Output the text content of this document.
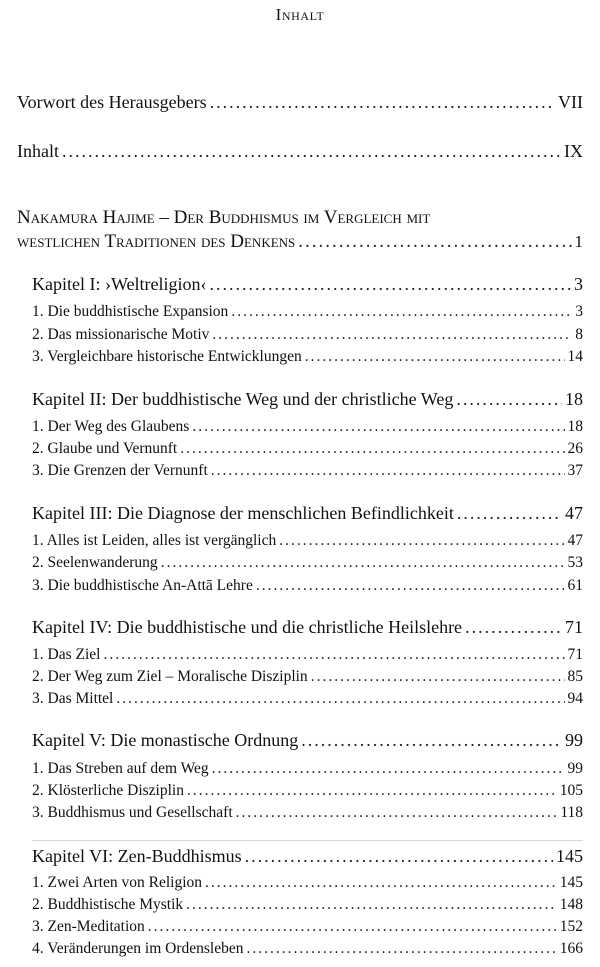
Inhalt
Vorwort des Herausgebers .....	VII
Inhalt .....	IX
Nakamura Hajime – Der Buddhismus im Vergleich mit
westlichen Traditionen des Denkens .....	1
Kapitel I: ›Weltreligion‹ .....	3
1. Die buddhistische Expansion .....	3
2. Das missionarische Motiv .....	8
3. Vergleichbare historische Entwicklungen .....	14
Kapitel II: Der buddhistische Weg und der christliche Weg .....	18
1. Der Weg des Glaubens .....	18
2. Glaube und Vernunft .....	26
3. Die Grenzen der Vernunft .....	37
Kapitel III: Die Diagnose der menschlichen Befindlichkeit .....	47
1. Alles ist Leiden, alles ist vergänglich .....	47
2. Seelenwanderung .....	53
3. Die buddhistische An-Attā Lehre .....	61
Kapitel IV: Die buddhistische und die christliche Heilslehre .....	71
1. Das Ziel .....	71
2. Der Weg zum Ziel – Moralische Disziplin .....	85
3. Das Mittel .....	94
Kapitel V: Die monastische Ordnung .....	99
1. Das Streben auf dem Weg .....	99
2. Klösterliche Disziplin .....	105
3. Buddhismus und Gesellschaft .....	118
Kapitel VI: Zen-Buddhismus .....	145
1. Zwei Arten von Religion .....	145
2. Buddhistische Mystik .....	148
3. Zen-Meditation .....	152
4. Veränderungen im Ordensleben .....	166
